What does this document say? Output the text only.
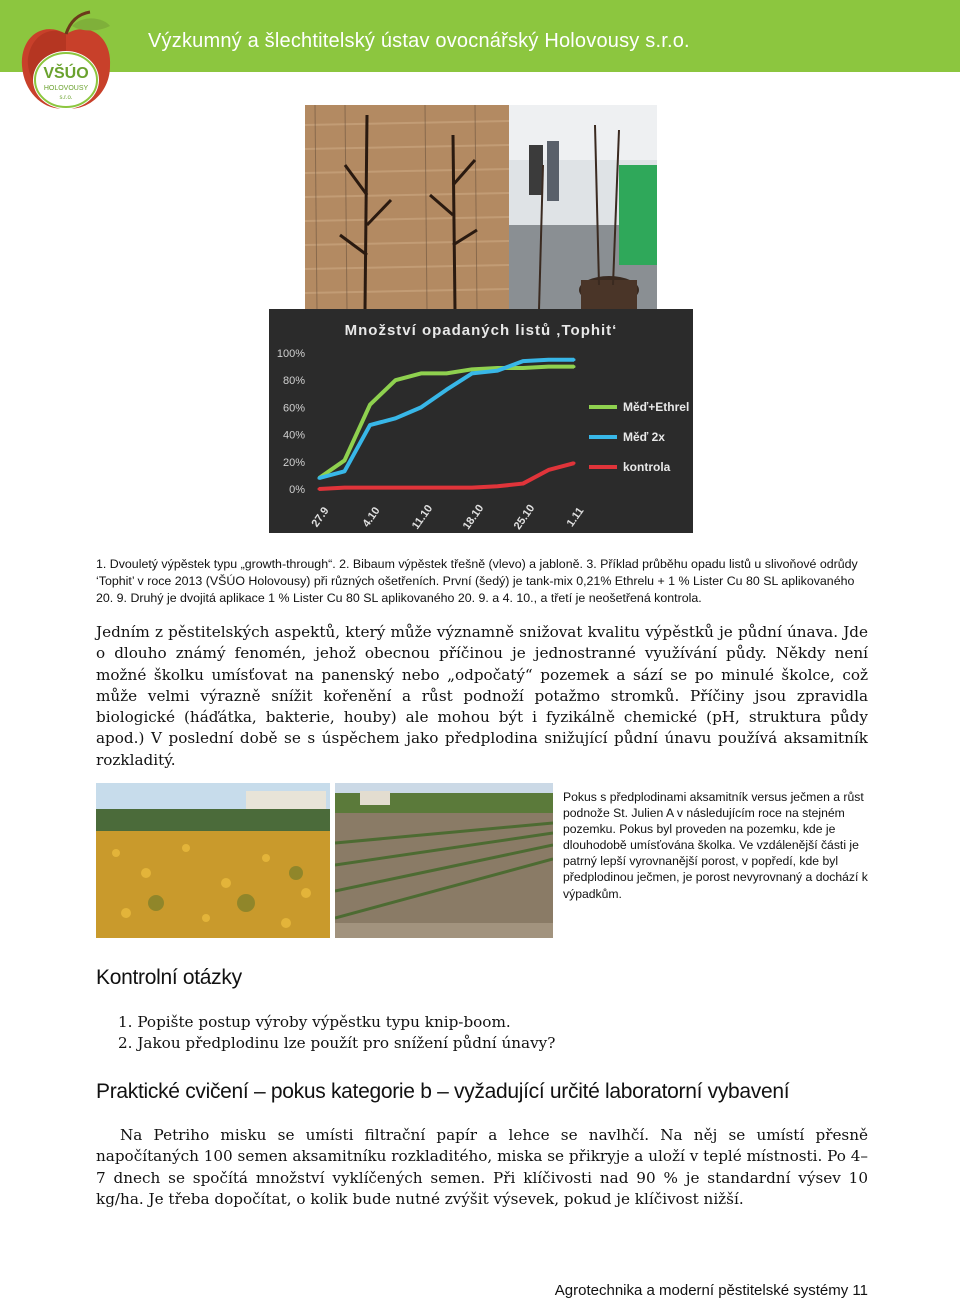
Výzkumný a šlechtitelský ústav ovocnářský Holovousy s.r.o.
VŠÚO
HOLOVOUSY
s.r.o.
Množství opadaných listů ‚Tophit‘
100%
80%
60%
40%
20%
0%
27.9	4.10 11.10 18.10 25.10 1.11
Měď+Ethrel
Měď 2x
kontrola
1. Dvouletý výpěstek typu „growth-through“. 2. Bibaum výpěstek třešně (vlevo) a jabloně. 3. Příklad průběhu opadu listů u slivoňové odrůdy ‘Tophit’ v roce 2013 (VŠÚO Holovousy) při různých ošetřeních. První (šedý) je tank-mix 0,21% Ethrelu + 1 % Lister Cu 80 SL aplikovaného 20. 9. Druhý je dvojitá aplikace 1 % Lister Cu 80 SL aplikovaného 20. 9. a 4. 10., a třetí je neošetřená kontrola.
Jedním z pěstitelských aspektů, který může významně snižovat kvalitu výpěstků je půdní únava. Jde o dlouho známý fenomén, jehož obecnou příčinou je jednostranné využívání půdy. Někdy není možné školku umísťovat na panenský nebo „odpočatý“ pozemek a sází se po minulé školce, což může velmi výrazně snížit kořenění a růst podnoží potažmo stromků. Příčiny jsou zpravidla biologické (háďátka, bakterie, houby) ale mohou být i fyzikálně chemické (pH, struktura půdy apod.) V poslední době se s úspěchem jako předplodina snižující půdní únavu používá aksamitník rozkladitý.
Pokus s předplodinami aksamitník versus ječmen a růst podnože St. Julien A v následujícím roce na stejném pozemku. Pokus byl proveden na pozemku, kde je dlouhodobě umísťována školka. Ve vzdálenější části je patrný lepší vyrovnanější porost, v popředí, kde byl předplodinou ječmen, je porost nevyrovnaný a dochází k výpadkům.
Kontrolní otázky
1. Popište postup výroby výpěstku typu knip-boom.
2. Jakou předplodinu lze použít pro snížení půdní únavy?
Praktické cvičení – pokus kategorie b – vyžadující určité laboratorní vybavení
Na Petriho misku se umísti filtrační papír a lehce se navlhčí. Na něj se umístí přesně napočítaných 100 semen aksamitníku rozkladitého, miska se přikryje a uloží v teplé místnosti. Po 4–7 dnech se spočítá množství vyklíčených semen. Při klíčivosti nad 90 % je standardní výsev 10 kg/ha. Je třeba dopočítat, o kolik bude nutné zvýšit výsevek, pokud je klíčivost nižší.
Agrotechnika a moderní pěstitelské systémy 11
